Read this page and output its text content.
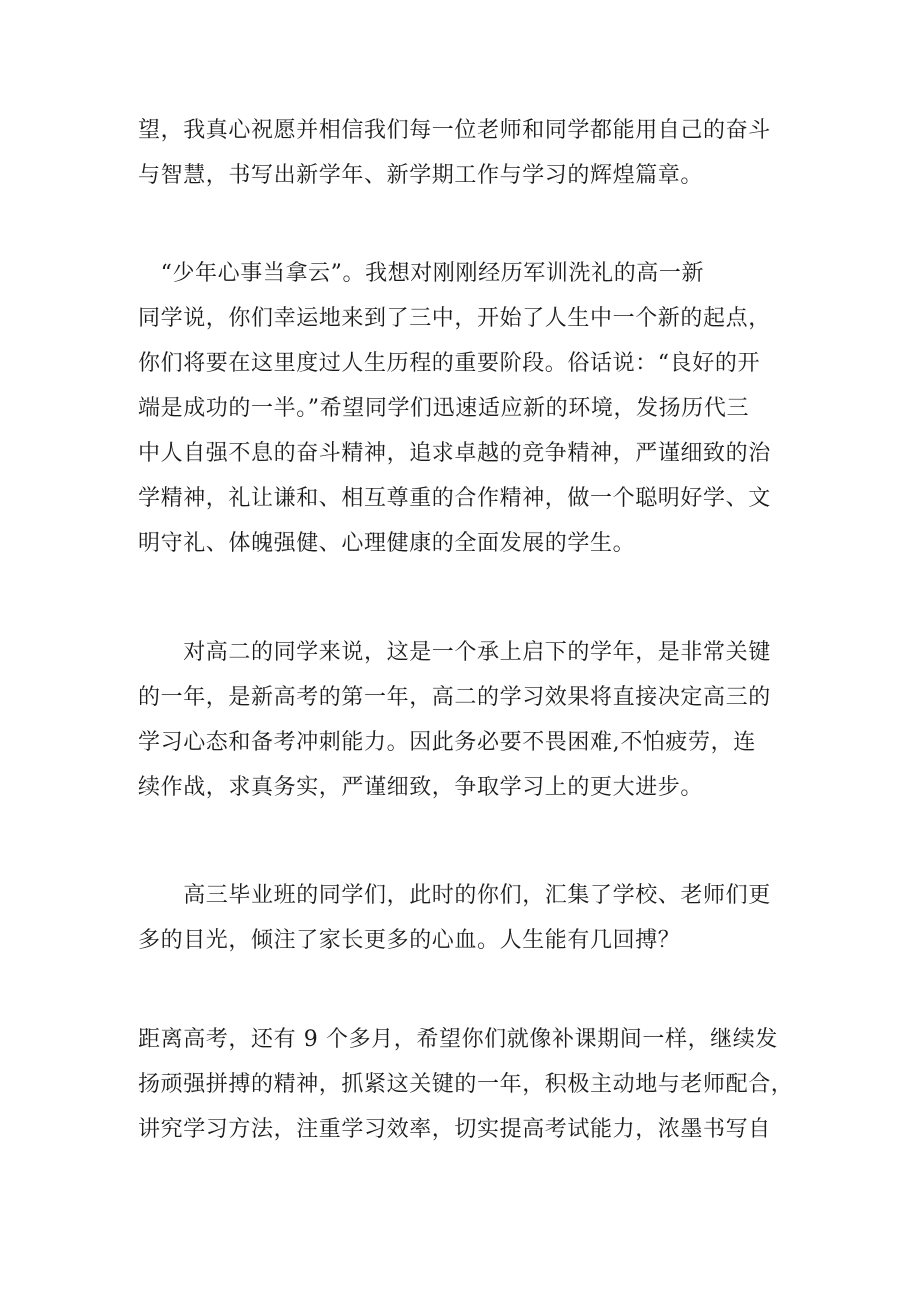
望，我真心祝愿并相信我们每一位老师和同学都能用自己的奋斗
与智慧，书写出新学年、新学期工作与学习的辉煌篇章。
　“少年心事当拿云”。我想对刚刚经历军训洗礼的高一新
同学说，你们幸运地来到了三中，开始了人生中一个新的起点，
你们将要在这里度过人生历程的重要阶段。俗话说：“良好的开
端是成功的一半。”希望同学们迅速适应新的环境，发扬历代三
中人自强不息的奋斗精神，追求卓越的竞争精神，严谨细致的治
学精神，礼让谦和、相互尊重的合作精神，做一个聪明好学、文
明守礼、体魄强健、心理健康的全面发展的学生。
　　对高二的同学来说，这是一个承上启下的学年，是非常关键
的一年，是新高考的第一年，高二的学习效果将直接决定高三的
学习心态和备考冲刺能力。因此务必要不畏困难,不怕疲劳，连
续作战，求真务实，严谨细致，争取学习上的更大进步。
　　高三毕业班的同学们，此时的你们，汇集了学校、老师们更
多的目光，倾注了家长更多的心血。人生能有几回搏？
距离高考，还有 9 个多月，希望你们就像补课期间一样，继续发
扬顽强拼搏的精神，抓紧这关键的一年，积极主动地与老师配合，
讲究学习方法，注重学习效率，切实提高考试能力，浓墨书写自
